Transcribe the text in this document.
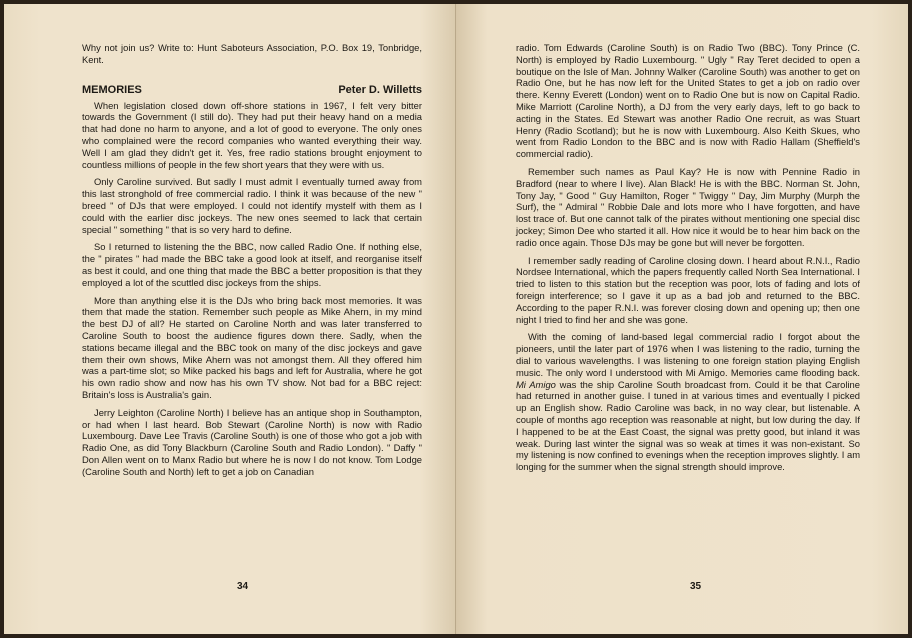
Why not join us? Write to: Hunt Saboteurs Association, P.O. Box 19, Tonbridge, Kent.

MEMORIES	Peter D. Willetts

When legislation closed down off-shore stations in 1967, I felt very bitter towards the Government (I still do). They had put their heavy hand on a media that had done no harm to anyone, and a lot of good to everyone. The only ones who complained were the record companies who wanted everything their way. Well I am glad they didn't get it. Yes, free radio stations brought enjoyment to countless millions of people in the few short years that they were with us.

Only Caroline survived. But sadly I must admit I eventually turned away from this last stronghold of free commercial radio. I think it was because of the new " breed " of DJs that were employed. I could not identify mystelf with them as I could with the earlier disc jockeys. The new ones seemed to lack that certain special " something " that is so very hard to define.

So I returned to listening the the BBC, now called Radio One. If nothing else, the " pirates " had made the BBC take a good look at itself, and reorganise itself as best it could, and one thing that made the BBC a better proposition is that they employed a lot of the scuttled disc jockeys from the ships.

More than anything else it is the DJs who bring back most memories. It was them that made the station. Remember such people as Mike Ahern, in my mind the best DJ of all? He started on Caroline North and was later transferred to Caroline South to boost the audience figures down there. Sadly, when the stations became illegal and the BBC took on many of the disc jockeys and gave them their own shows, Mike Ahern was not amongst them. All they offered him was a part-time slot; so Mike packed his bags and left for Australia, where he got his own radio show and now has his own TV show. Not bad for a BBC reject: Britain's loss is Australia's gain.

Jerry Leighton (Caroline North) I believe has an antique shop in Southampton, or had when I last heard. Bob Stewart (Caroline North) is now with Radio Luxembourg. Dave Lee Travis (Caroline South) is one of those who got a job with Radio One, as did Tony Blackburn (Caroline South and Radio London). " Daffy " Don Allen went on to Manx Radio but where he is now I do not know. Tom Lodge (Caroline South and North) left to get a job on Canadian

34

radio. Tom Edwards (Caroline South) is on Radio Two (BBC). Tony Prince (C. North) is employed by Radio Luxembourg. " Ugly " Ray Teret decided to open a boutique on the Isle of Man. Johnny Walker (Caroline South) was another to get on Radio One, but he has now left for the United States to get a job on radio over there. Kenny Everett (London) went on to Radio One but is now on Capital Radio. Mike Marriott (Caroline North), a DJ from the very early days, left to go back to acting in the States. Ed Stewart was another Radio One recruit, as was Stuart Henry (Radio Scotland); but he is now with Luxembourg. Also Keith Skues, who went from Radio London to the BBC and is now with Radio Hallam (Sheffield's commercial radio).

Remember such names as Paul Kay? He is now with Pennine Radio in Bradford (near to where I live). Alan Black! He is with the BBC. Norman St. John, Tony Jay, " Good " Guy Hamilton, Roger " Twiggy " Day, Jim Murphy (Murph the Surf), the " Admiral " Robbie Dale and lots more who I have forgotten, and have lost trace of. But one cannot talk of the pirates without mentioning one special disc jockey; Simon Dee who started it all. How nice it would be to hear him back on the radio once again. Those DJs may be gone but will never be forgotten.

I remember sadly reading of Caroline closing down. I heard about R.N.I., Radio Nordsee International, which the papers frequently called North Sea International. I tried to listen to this station but the reception was poor, lots of fading and lots of foreign interference; so I gave it up as a bad job and returned to the BBC. According to the paper R.N.I. was forever closing down and opening up; then one night I tried to find her and she was gone.

With the coming of land-based legal commercial radio I forgot about the pioneers, until the later part of 1976 when I was listening to the radio, turning the dial to various wavelengths. I was listening to one foreign station playing English music. The only word I understood with Mi Amigo. Memories came flooding back. Mi Amigo was the ship Caroline South broadcast from. Could it be that Caroline had returned in another guise. I tuned in at various times and eventually I picked up an English show. Radio Caroline was back, in no way clear, but listenable. A couple of months ago reception was reasonable at night, but low during the day. If I happened to be at the East Coast, the signal was pretty good, but inland it was weak. During last winter the signal was so weak at times it was non-existant. So my listening is now confined to evenings when the reception improves slightly. I am longing for the summer when the signal strength should improve.

35
